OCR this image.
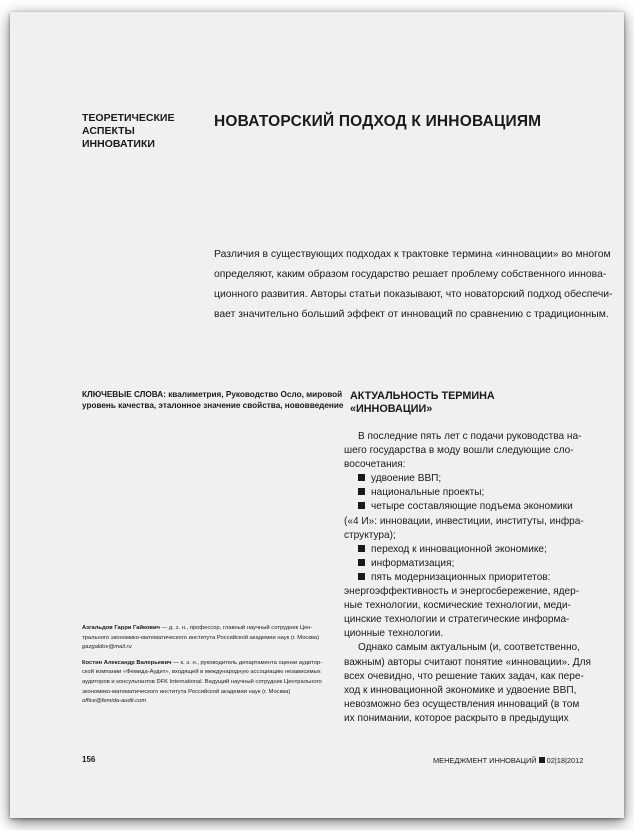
ТЕОРЕТИЧЕСКИЕ
АСПЕКТЫ ИННОВАТИКИ
НОВАТОРСКИЙ ПОДХОД К ИННОВАЦИЯМ
Различия в существующих подходах к трактовке термина «инновации» во многом
определяют, каким образом государство решает проблему собственного иннова-
ционного развития. Авторы статьи показывают, что новаторский подход обеспечи-
вает значительно больший эффект от инноваций по сравнению с традиционным.
КЛЮЧЕВЫЕ СЛОВА: квалиметрия, Руководство Осло, мировой
уровень качества, эталонное значение свойства, нововведение
АКТУАЛЬНОСТЬ ТЕРМИНА
«ИННОВАЦИИ»
В последние пять лет с подачи руководства на-
шего государства в моду вошли следующие сло-
восочетания:
удвоение ВВП;
национальные проекты;
четыре составляющие подъема экономики
(«4 И»: инновации, инвестиции, институты, инфра-
структура);
переход к инновационной экономике;
информатизация;
пять модернизационных приоритетов:
энергоэффективность и энергосбережение, ядер-
ные технологии, космические технологии, меди-
цинские технологии и стратегические информа-
ционные технологии.
Однако самым актуальным (и, соответственно,
важным) авторы считают понятие «инновации». Для
всех очевидно, что решение таких задач, как пере-
ход к инновационной экономике и удвоение ВВП,
невозможно без осуществления инноваций (в том
их понимании, которое раскрыто в предыдущих
Азгальдов Гарри Гайкович — д. э. н., профессор, главный научный сотрудник Цен-
трального экономико-математического института Российской академии наук (г. Москва)
gazgaldov@mail.ru
Костин Александр Валерьевич — к. э. н., руководитель департамента оценки аудитор-
ской компании «Фемида-Аудит», входящей в международную ассоциацию независимых
аудиторов и консультантов DFK International. Ведущий научный сотрудник Центрального
экономико-математического института Российской академии наук (г. Москва)
office@femida-audit.com
156	МЕНЕДЖМЕНТ ИННОВАЦИЙ 02|18|2012
